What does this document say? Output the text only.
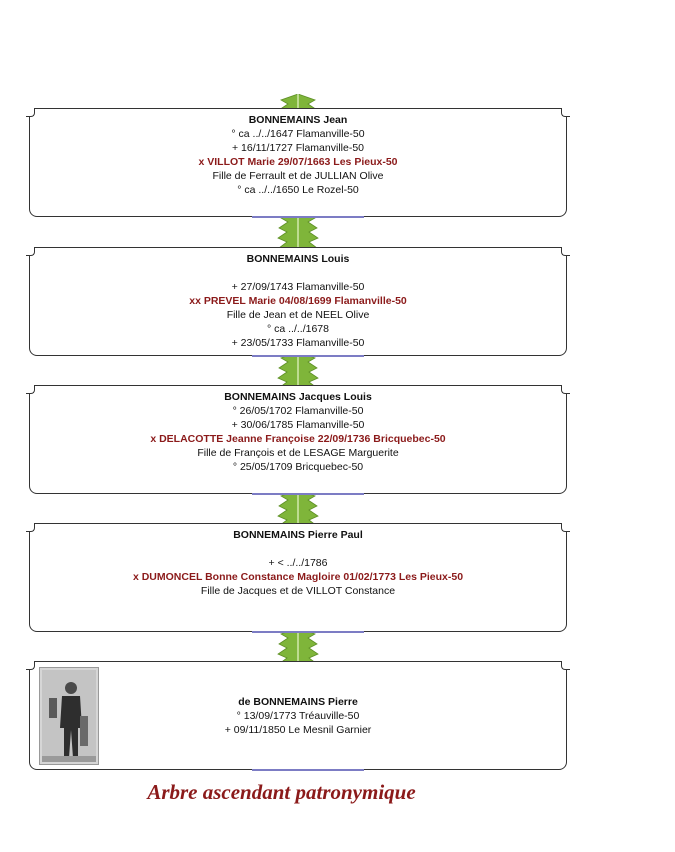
BONNEMAINS Jean
° ca ../../1647 Flamanville-50
+ 16/11/1727 Flamanville-50
x VILLOT Marie 29/07/1663 Les Pieux-50
Fille de Ferrault et de JULLIAN Olive
° ca ../../1650 Le Rozel-50
BONNEMAINS Louis
+ 27/09/1743 Flamanville-50
xx PREVEL Marie 04/08/1699 Flamanville-50
Fille de Jean et de NEEL Olive
° ca ../../1678
+ 23/05/1733 Flamanville-50
BONNEMAINS Jacques Louis
° 26/05/1702 Flamanville-50
+ 30/06/1785 Flamanville-50
x DELACOTTE Jeanne Françoise 22/09/1736 Bricquebec-50
Fille de François et de LESAGE Marguerite
° 25/05/1709 Bricquebec-50
BONNEMAINS Pierre Paul
+ < ../../1786
x DUMONCEL Bonne Constance Magloire 01/02/1773 Les Pieux-50
Fille de Jacques et de VILLOT Constance
de BONNEMAINS Pierre
° 13/09/1773 Tréauville-50
+ 09/11/1850 Le Mesnil Garnier
Arbre ascendant patronymique
